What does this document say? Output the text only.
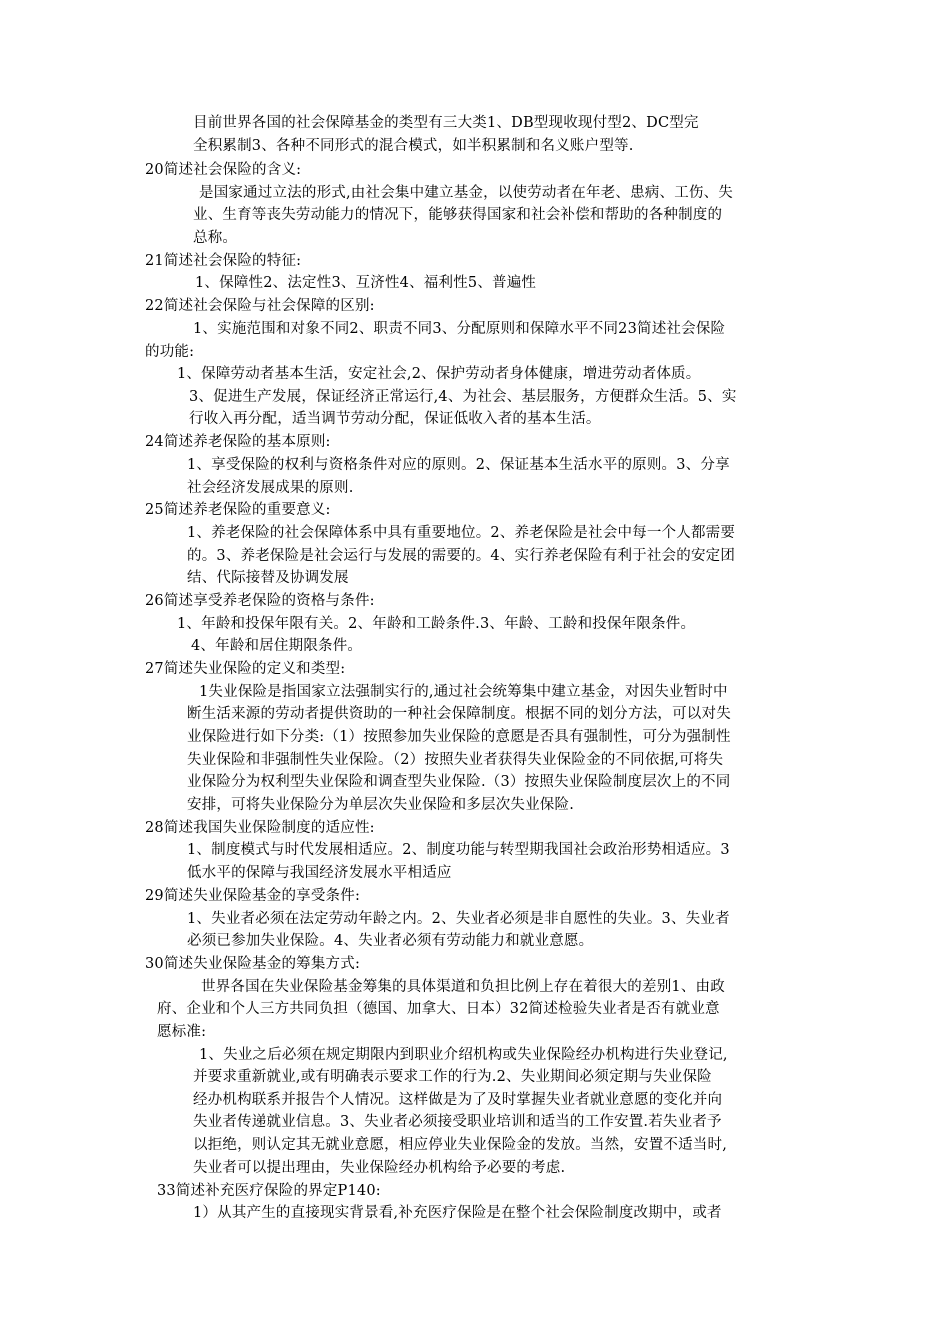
目前世界各国的社会保障基金的类型有三大类1、DB型现收现付型2、DC型完
全积累制3、各种不同形式的混合模式，如半积累制和名义账户型等.
20简述社会保险的含义:
是国家通过立法的形式,由社会集中建立基金，以使劳动者在年老、患病、工伤、失
业、生育等丧失劳动能力的情况下，能够获得国家和社会补偿和帮助的各种制度的
总称。
21简述社会保险的特征:
1、保障性2、法定性3、互济性4、福利性5、普遍性
22简述社会保险与社会保障的区别:
1、实施范围和对象不同2、职责不同3、分配原则和保障水平不同23简述社会保险
的功能:
1、保障劳动者基本生活，安定社会,2、保护劳动者身体健康，增进劳动者体质。
3、促进生产发展，保证经济正常运行,4、为社会、基层服务，方便群众生活。5、实
行收入再分配，适当调节劳动分配，保证低收入者的基本生活。
24简述养老保险的基本原则:
1、享受保险的权利与资格条件对应的原则。2、保证基本生活水平的原则。3、分享
社会经济发展成果的原则.
25简述养老保险的重要意义:
1、养老保险的社会保障体系中具有重要地位。2、养老保险是社会中每一个人都需要
的。3、养老保险是社会运行与发展的需要的。4、实行养老保险有利于社会的安定团
结、代际接替及协调发展
26简述享受养老保险的资格与条件:
1、年龄和投保年限有关。2、年龄和工龄条件.3、年龄、工龄和投保年限条件。
4、年龄和居住期限条件。
27简述失业保险的定义和类型:
1失业保险是指国家立法强制实行的,通过社会统筹集中建立基金，对因失业暂时中
断生活来源的劳动者提供资助的一种社会保障制度。根据不同的划分方法，可以对失
业保险进行如下分类:（1）按照参加失业保险的意愿是否具有强制性，可分为强制性
失业保险和非强制性失业保险。（2）按照失业者获得失业保险金的不同依据,可将失
业保险分为权利型失业保险和调查型失业保险.（3）按照失业保险制度层次上的不同
安排，可将失业保险分为单层次失业保险和多层次失业保险.
28简述我国失业保险制度的适应性:
1、制度模式与时代发展相适应。2、制度功能与转型期我国社会政治形势相适应。3
低水平的保障与我国经济发展水平相适应
29简述失业保险基金的享受条件:
1、失业者必须在法定劳动年龄之内。2、失业者必须是非自愿性的失业。3、失业者
必须已参加失业保险。4、失业者必须有劳动能力和就业意愿。
30简述失业保险基金的筹集方式:
世界各国在失业保险基金筹集的具体渠道和负担比例上存在着很大的差别1、由政
府、企业和个人三方共同负担（德国、加拿大、日本）32简述检验失业者是否有就业意
愿标准:
1、失业之后必须在规定期限内到职业介绍机构或失业保险经办机构进行失业登记,
并要求重新就业,或有明确表示要求工作的行为.2、失业期间必须定期与失业保险
经办机构联系并报告个人情况。这样做是为了及时掌握失业者就业意愿的变化并向
失业者传递就业信息。3、失业者必须接受职业培训和适当的工作安置.若失业者予
以拒绝，则认定其无就业意愿，相应停业失业保险金的发放。当然，安置不适当时,
失业者可以提出理由，失业保险经办机构给予必要的考虑.
33简述补充医疗保险的界定P140:
1）从其产生的直接现实背景看,补充医疗保险是在整个社会保险制度改期中，或者
